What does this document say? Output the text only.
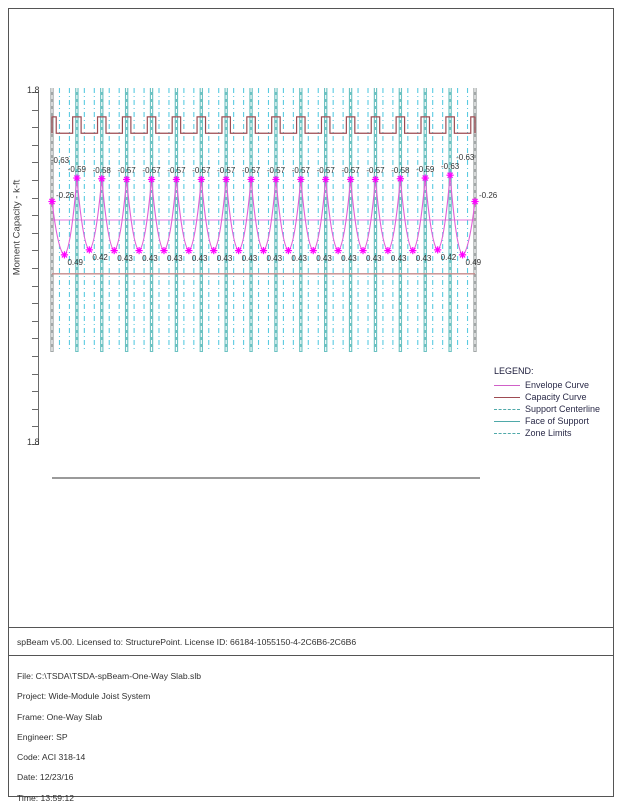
1.8
1.8
Moment Capacity - k-ft	-0.26
-0.59 -0.58 -0.57 -0.57 -0.57 -0.57 -0.57 -0.57 -0.57 -0.57 -0.57 -0.57 -0.57 -0.58 -0.59 -0.63
-0.26
-0.63	-0.63
0.49
0.42 0.43 0.43 0.43 0.43 0.43 0.43 0.43 0.43 0.43 0.43 0.43 0.43 0.43 0.42
0.49
LEGEND:
Envelope Curve
Capacity Curve
Support Centerline
Face of Support
Zone Limits
spBeam v5.00. Licensed to: StructurePoint. License ID: 66184-1055150-4-2C6B6-2C6B6
File: C:\TSDA\TSDA-spBeam-One-Way Slab.slb
Project: Wide-Module Joist System
Frame: One-Way Slab
Engineer: SP
Code: ACI 318-14
Date: 12/23/16
Time: 13:59:12
